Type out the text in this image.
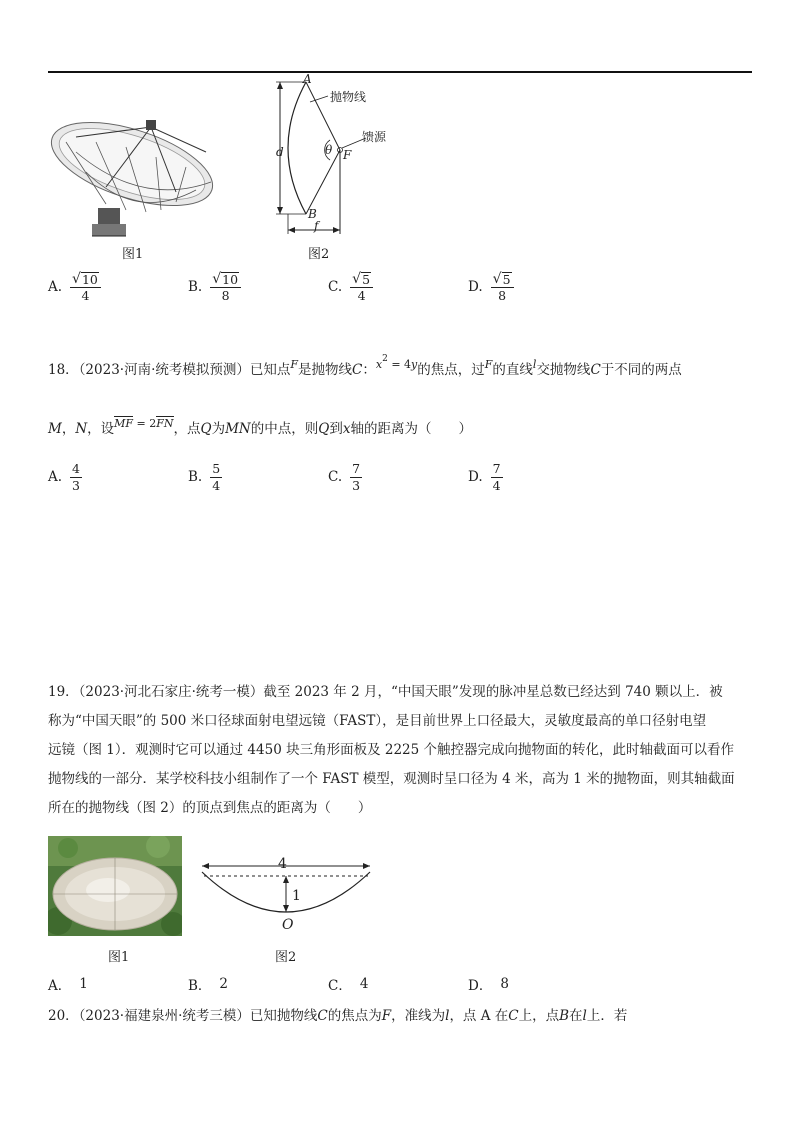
图1
A
B
F
d
f
θ
抛物线
馈源
图2
A. $\frac{√ 10}{4}$	B. $\frac{√ 10}{8}$	C. $\frac{√ 5}{4}$	D. $\frac{√ 5}{8}$
18．（2023·河南·统考模拟预测）已知点$^F$是抛物线C：$^{x^2 = 4y}$的焦点，过$^F$的直线$^l$交抛物线C于不同的两点
M，N，设$^{MF = 2FN}$，点Q为MN的中点，则Q到x轴的距离为（　　）
A. $\frac{4}{3}$	B. $\frac{5}{4}$	C. $\frac{7}{3}$	D. $\frac{7}{4}$
19．（2023·河北石家庄·统考一模）截至 2023 年 2 月，“中国天眼”发现的脉冲星总数已经达到 740 颗以上．被
称为“中国天眼”的 500 米口径球面射电望远镜（FAST），是目前世界上口径最大，灵敏度最高的单口径射电望
远镜（图 1）．观测时它可以通过 4450 块三角形面板及 2225 个触控器完成向抛物面的转化，此时轴截面可以看作
抛物线的一部分．某学校科技小组制作了一个 FAST 模型，观测时呈口径为 4 米，高为 1 米的抛物面，则其轴截面
所在的抛物线（图 2）的顶点到焦点的距离为（　　）
图1
4
1
O
图2
A． 1	B． 2	C． 4	D． 8
20．（2023·福建泉州·统考三模）已知抛物线C的焦点为F，准线为l，点 A 在C上，点B在l上．若
